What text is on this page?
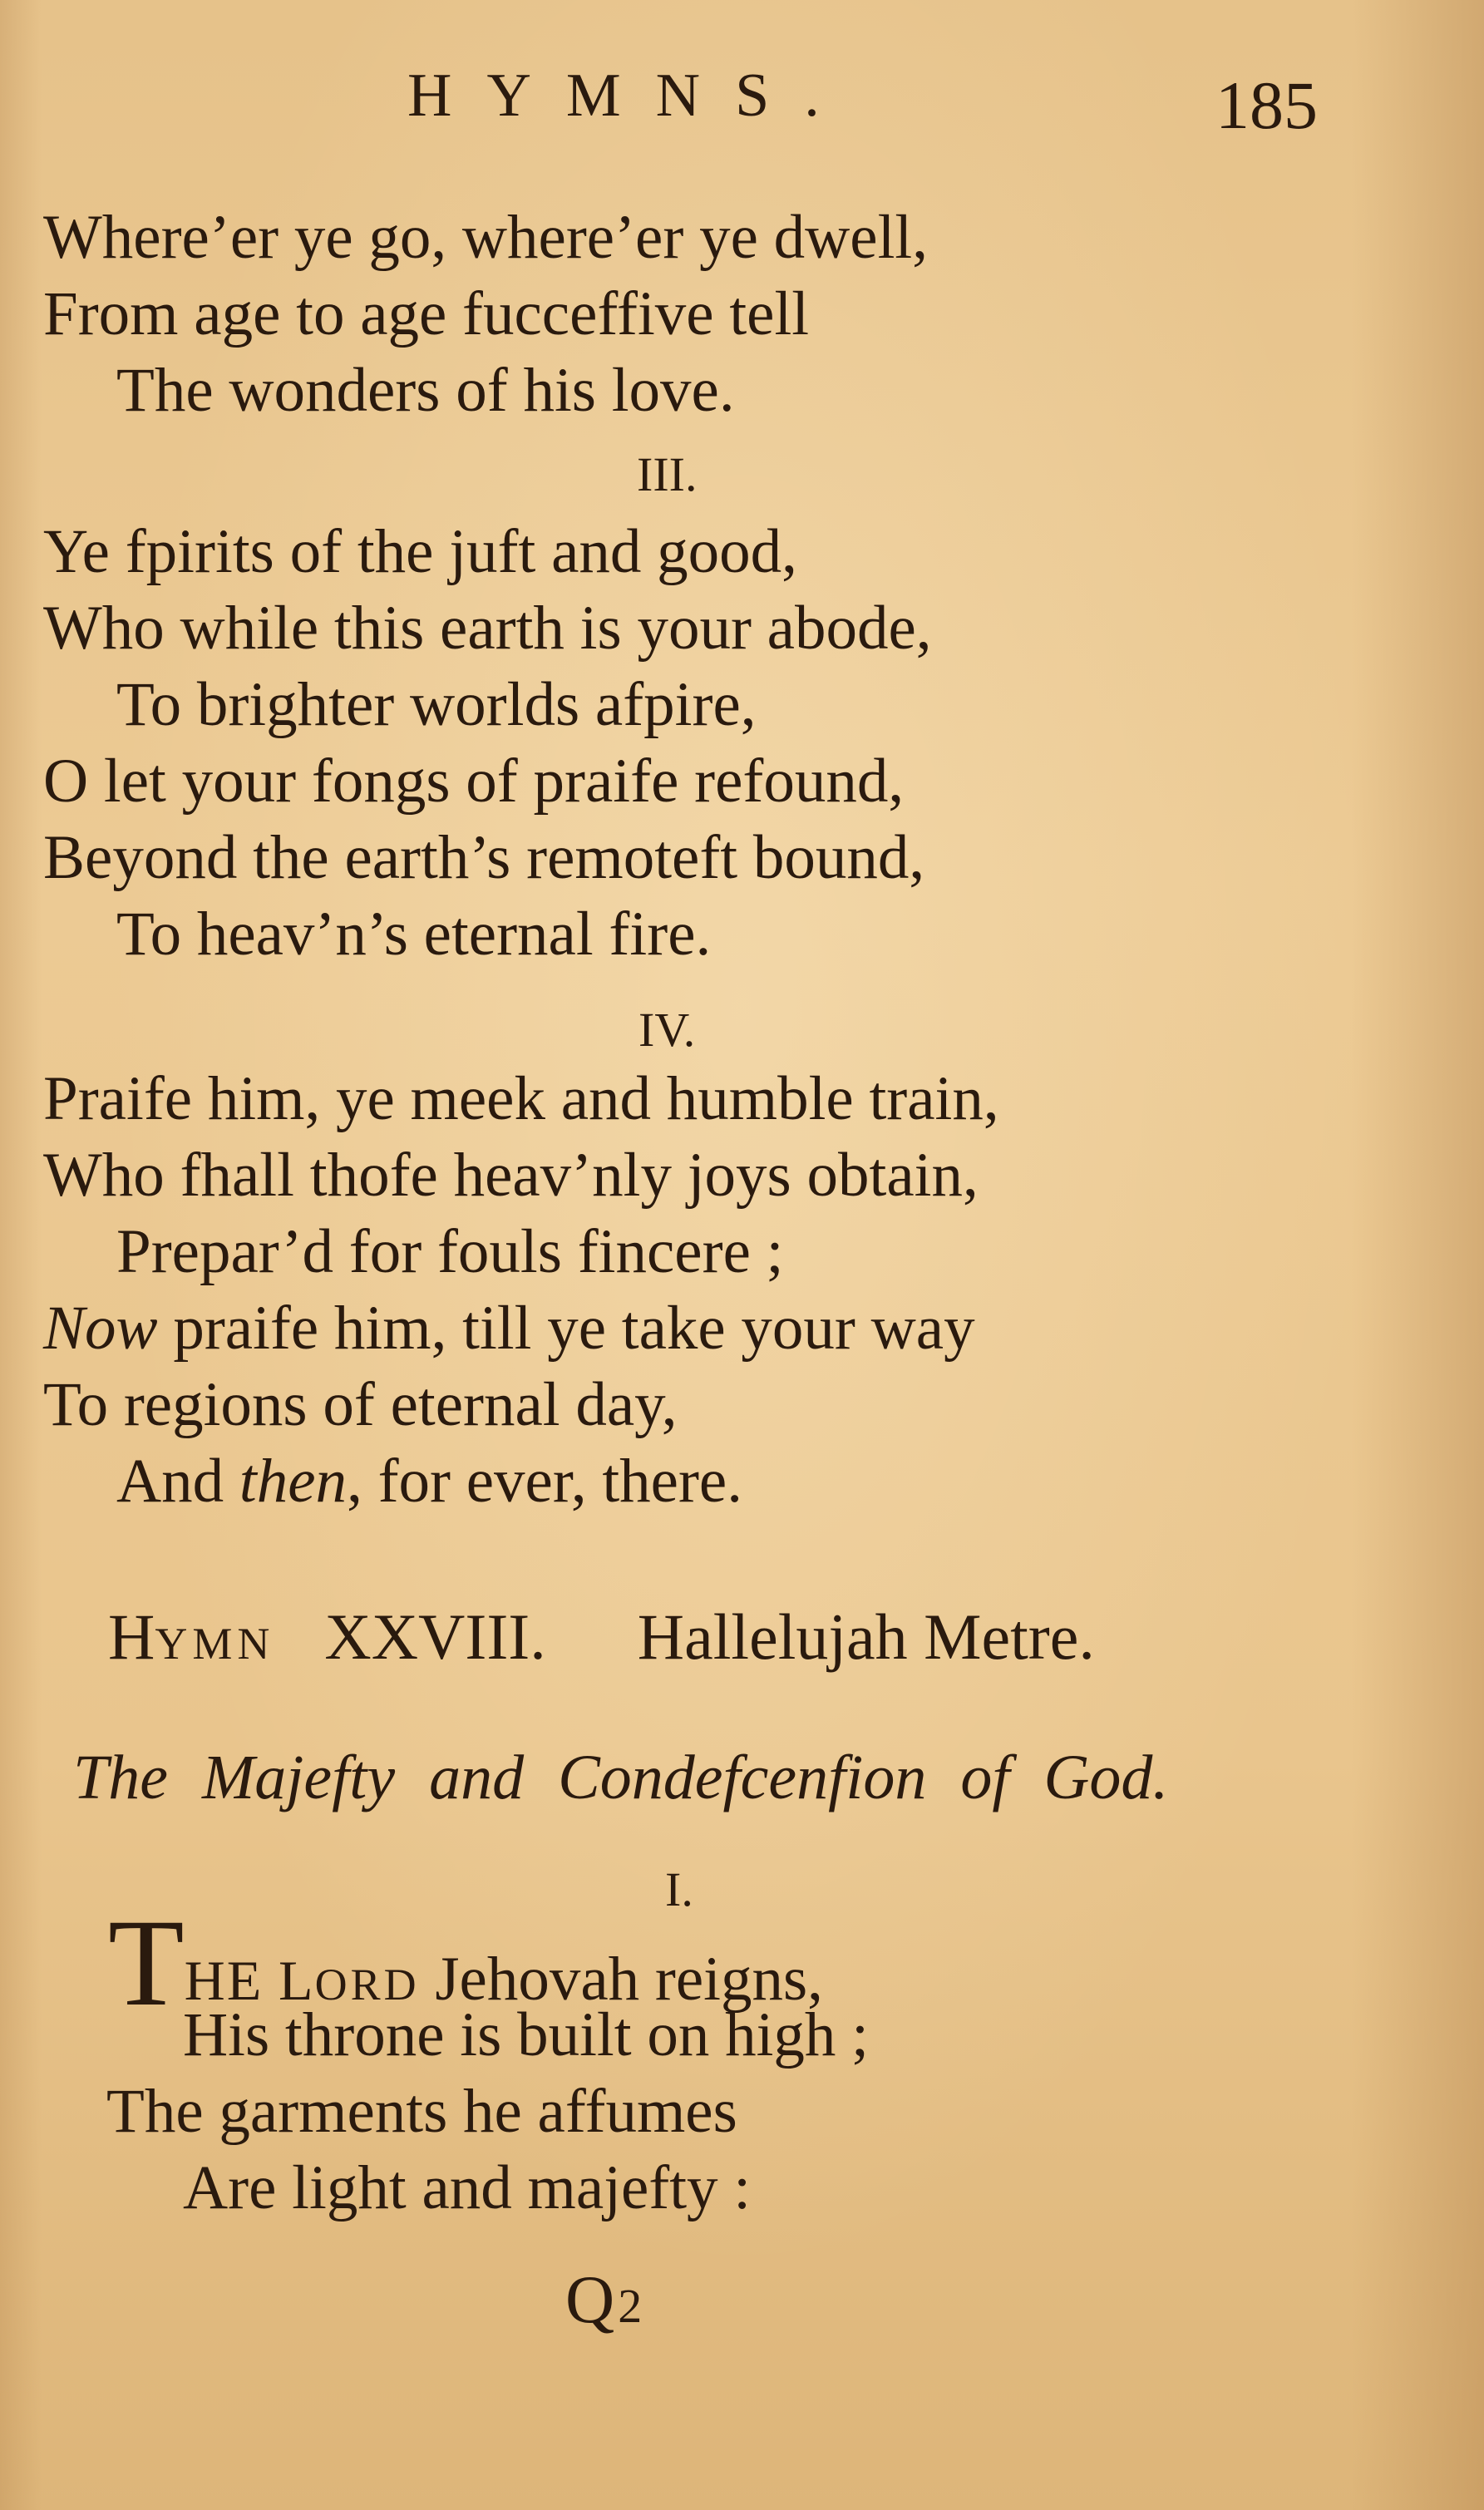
HYMNS.	185
Where’er ye go, where’er ye dwell,
From age to age fucceffive tell
The wonders of his love.
III.
Ye fpirits of the juft and good,
Who while this earth is your abode,
To brighter worlds afpire,
O let your fongs of praife refound,
Beyond the earth’s remoteft bound,
To heav’n’s eternal fire.
IV.
Praife him, ye meek and humble train,
Who fhall thofe heav’nly joys obtain,
Prepar’d for fouls fincere ;
Now praife him, till ye take your way
To regions of eternal day,
And then, for ever, there.
HYMN XXVIII. Hallelujah Metre.
The Majefty and Condefcenfion of God.
I.
THE LORD Jehovah reigns,
His throne is built on high ;
The garments he affumes
Are light and majefty :
Q2
